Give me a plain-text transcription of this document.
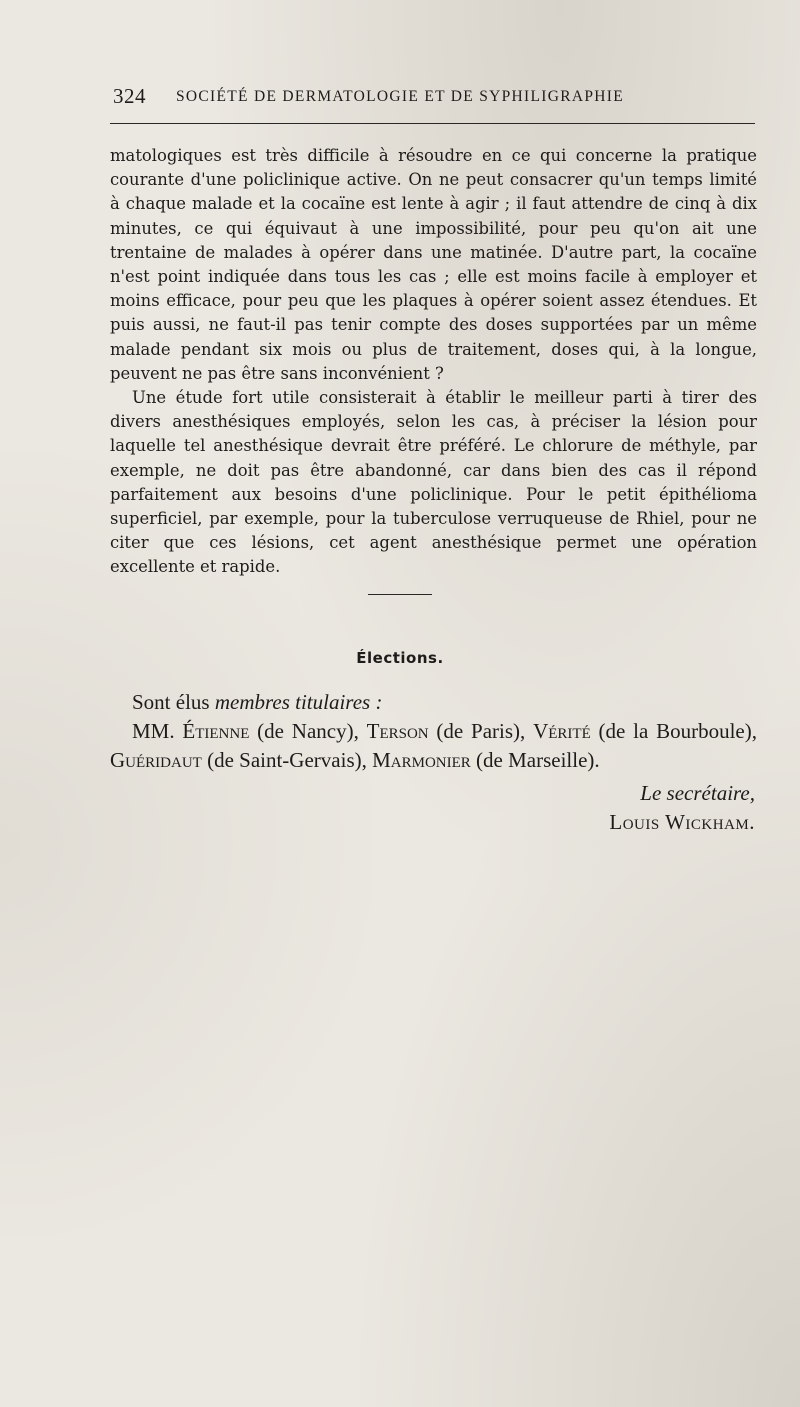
324 SOCIÉTÉ DE DERMATOLOGIE ET DE SYPHILIGRAPHIE

matologiques est très difficile à résoudre en ce qui concerne la pratique courante d'une policlinique active. On ne peut consacrer qu'un temps limité à chaque malade et la cocaïne est lente à agir ; il faut attendre de cinq à dix minutes, ce qui équivaut à une impossibilité, pour peu qu'on ait une trentaine de malades à opérer dans une matinée. D'autre part, la cocaïne n'est point indiquée dans tous les cas ; elle est moins facile à employer et moins efficace, pour peu que les plaques à opérer soient assez étendues. Et puis aussi, ne faut-il pas tenir compte des doses supportées par un même malade pendant six mois ou plus de traitement, doses qui, à la longue, peuvent ne pas être sans inconvénient ?

Une étude fort utile consisterait à établir le meilleur parti à tirer des divers anesthésiques employés, selon les cas, à préciser la lésion pour laquelle tel anesthésique devrait être préféré. Le chlorure de méthyle, par exemple, ne doit pas être abandonné, car dans bien des cas il répond parfaitement aux besoins d'une policlinique. Pour le petit épithélioma superficiel, par exemple, pour la tuberculose verruqueuse de Rhiel, pour ne citer que ces lésions, cet agent anesthésique permet une opération excellente et rapide.

Élections.

Sont élus membres titulaires :

MM. Étienne (de Nancy), Terson (de Paris), Vérité (de la Bourboule), Guéridaut (de Saint-Gervais), Marmonier (de Marseille).

Le secrétaire,

Louis Wickham.
